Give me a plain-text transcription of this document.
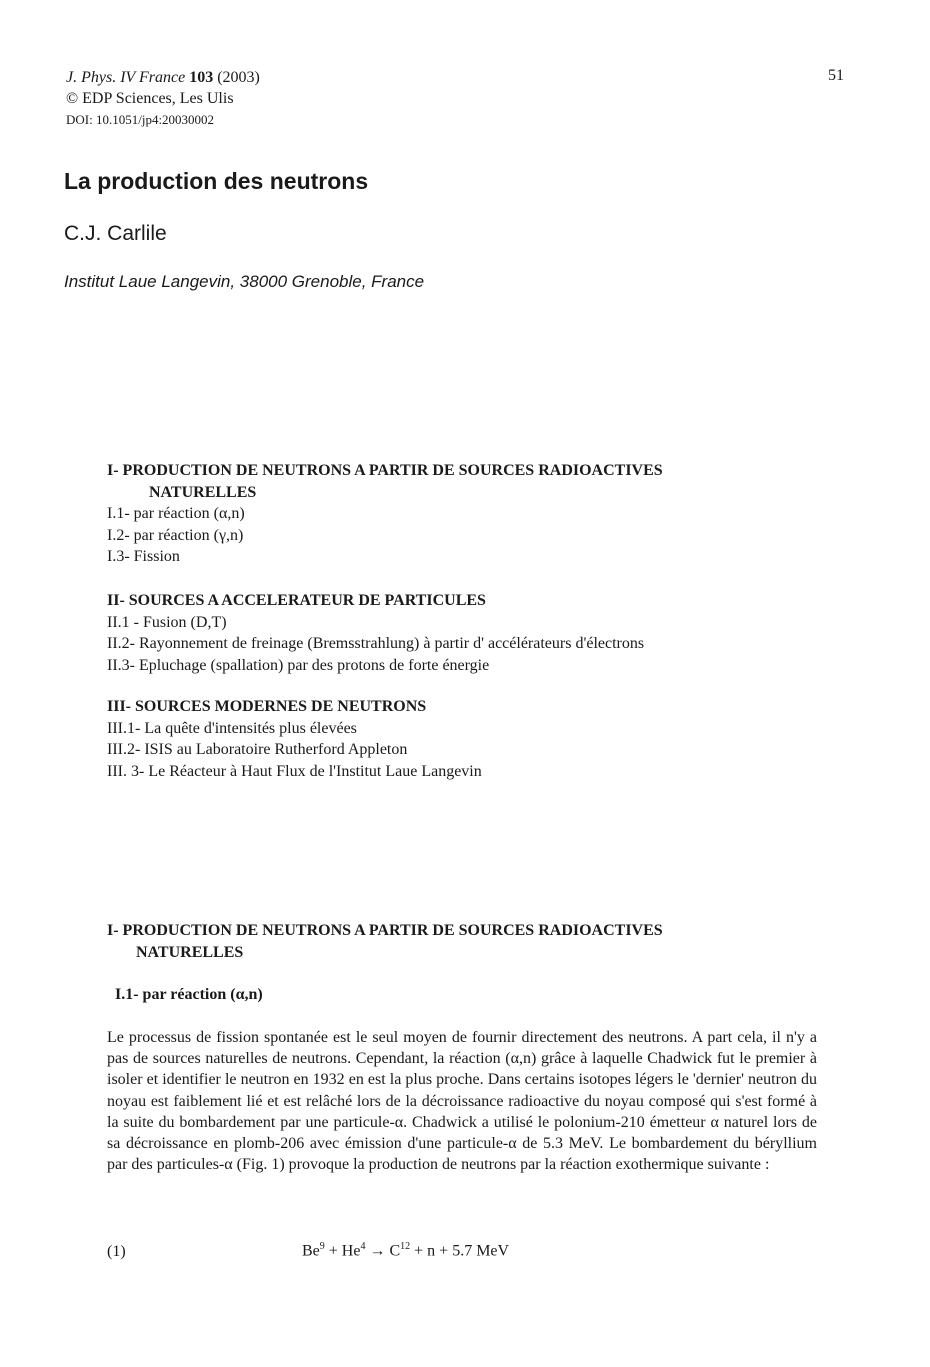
J. Phys. IV France 103 (2003)
© EDP Sciences, Les Ulis
DOI: 10.1051/jp4:20030002
51
La production des neutrons
C.J. Carlile
Institut Laue Langevin, 38000 Grenoble, France
I- PRODUCTION DE NEUTRONS A PARTIR DE SOURCES RADIOACTIVES
NATURELLES
I.1- par réaction (α,n)
I.2- par réaction (γ,n)
I.3- Fission
II- SOURCES A ACCELERATEUR DE PARTICULES
II.1 - Fusion (D,T)
II.2- Rayonnement de freinage (Bremsstrahlung) à partir d' accélérateurs d'électrons
II.3- Epluchage (spallation) par des protons de forte énergie
III- SOURCES MODERNES DE NEUTRONS
III.1- La quête d'intensités plus élevées
III.2- ISIS au Laboratoire Rutherford Appleton
III. 3- Le Réacteur à Haut Flux de l'Institut Laue Langevin
I- PRODUCTION DE NEUTRONS A PARTIR DE SOURCES RADIOACTIVES
NATURELLES
I.1- par réaction (α,n)
Le processus de fission spontanée est le seul moyen de fournir directement des neutrons. A part cela, il n'y a pas de sources naturelles de neutrons. Cependant, la réaction (α,n) grâce à laquelle Chadwick fut le premier à isoler et identifier le neutron en 1932 en est la plus proche. Dans certains isotopes légers le 'dernier' neutron du noyau est faiblement lié et est relâché lors de la décroissance radioactive du noyau composé qui s'est formé à la suite du bombardement par une particule-α. Chadwick a utilisé le polonium-210 émetteur α naturel lors de sa décroissance en plomb-206 avec émission d'une particule-α de 5.3 MeV. Le bombardement du béryllium par des particules-α (Fig. 1) provoque la production de neutrons par la réaction exothermique suivante :
(1)	$Be^9 + He^4 \to C^{12} + n + 5.7$ MeV
